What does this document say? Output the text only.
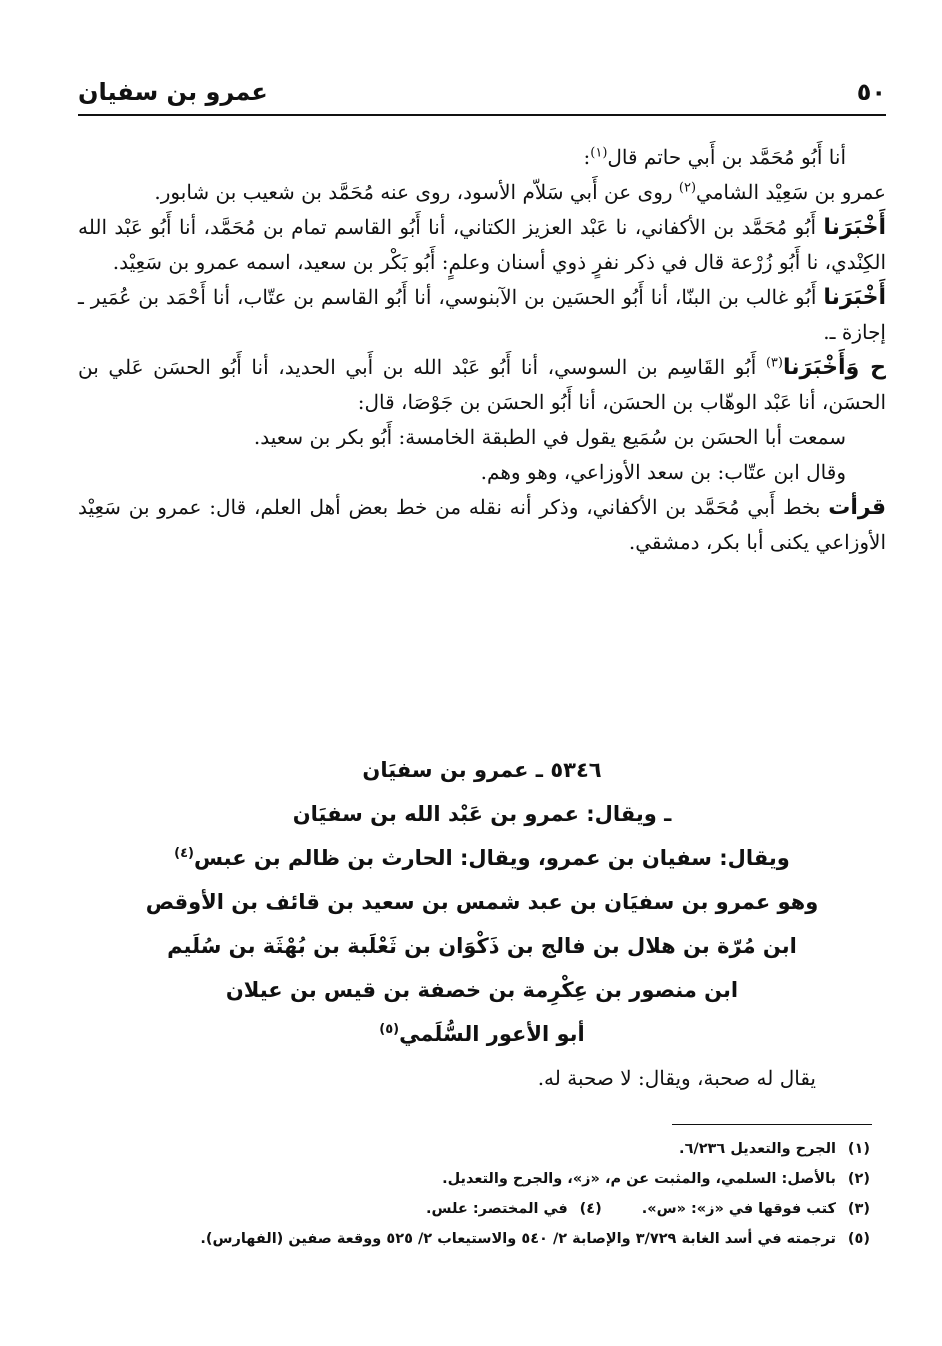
٥٠
عمرو بن سفيان

أنا أَبُو مُحَمَّد بن أَبي حاتم قال$^{(١)}$:

عمرو بن سَعِيْد الشامي$^{(٢)}$ روى عن أَبي سَلاّم الأسود، روى عنه مُحَمَّد بن شعيب بن شابور.

أَخْبَرَنا أَبُو مُحَمَّد بن الأكفاني، نا عَبْد العزيز الكتاني، أنا أَبُو القاسم تمام بن مُحَمَّد، أنا أَبُو عَبْد الله الكِنْدي، نا أَبُو زُرْعة قال في ذكر نفرٍ ذوي أسنان وعلمٍ: أَبُو بَكْر بن سعيد، اسمه عمرو بن سَعِيْد.

أَخْبَرَنا أَبُو غالب بن البنّا، أنا أَبُو الحسَين بن الآبنوسي، أنا أَبُو القاسم بن عتّاب، أنا أَحْمَد بن عُمَير ـ إجازة ـ.

ح وَأَخْبَرَنا$^{(٣)}$ أَبُو القَاسِم بن السوسي، أنا أَبُو عَبْد الله بن أَبي الحديد، أنا أَبُو الحسَن عَلي بن الحسَن، أنا عَبْد الوهّاب بن الحسَن، أنا أَبُو الحسَن بن جَوْصَا، قال:

سمعت أبا الحسَن بن سُمَيع يقول في الطبقة الخامسة: أَبُو بكر بن سعيد.

وقال ابن عتّاب: بن سعد الأوزاعي، وهو وهم.

قرأت بخط أَبي مُحَمَّد بن الأكفاني، وذكر أنه نقله من خط بعض أهل العلم، قال: عمرو بن سَعِيْد الأوزاعي يكنى أبا بكر، دمشقي.

٥٣٤٦ ـ عمرو بن سفيَان

ـ ويقال: عمرو بن عَبْد الله بن سفيَان

ويقال: سفيان بن عمرو، ويقال: الحارث بن ظالم بن عبس$^{(٤)}$

وهو عمرو بن سفيَان بن عبد شمس بن سعيد بن قائف بن الأوقص

ابن مُرّة بن هلال بن فالج بن ذَكْوَان بن ثَعْلَبة بن بُهْثَة بن سُلَيم

ابن منصور بن عِكْرِمة بن خصفة بن قيس بن عيلان

أبو الأعور السُّلَمي$^{(٥)}$

يقال له صحبة، ويقال: لا صحبة له.

(١)الجرح والتعديل ٦/٢٣٦.

(٢)بالأصل: السلمي، والمثبت عن م، «ز»، والجرح والتعديل.

(٣)كتب فوقها في «ز»: «س».(٤)في المختصر: علس.

(٥)ترجمته في أسد الغابة ٣/٧٢٩ والإصابة ٢/ ٥٤٠ والاستيعاب ٢/ ٥٢٥ ووقعة صفين (الفهارس).
